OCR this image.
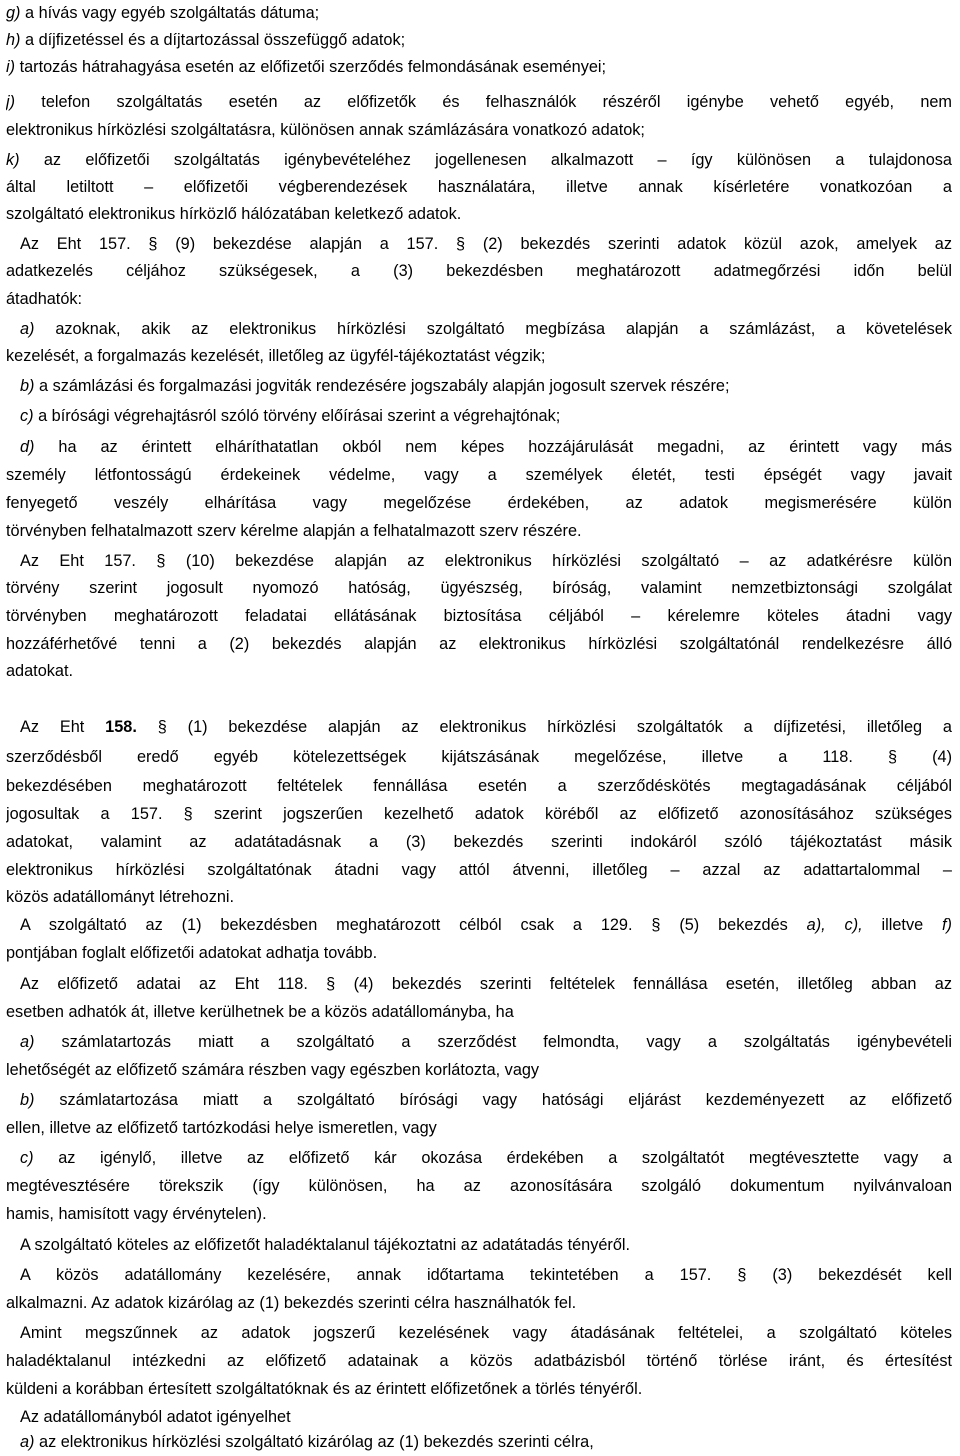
g) a hívás vagy egyéb szolgáltatás dátuma;
h) a díjfizetéssel és a díjtartozással összefüggő adatok;
i) tartozás hátrahagyása esetén az előfizetői szerződés felmondásának eseményei;
j) telefon szolgáltatás esetén az előfizetők és felhasználók részéről igénybe vehető egyéb, nem
elektronikus hírközlési szolgáltatásra, különösen annak számlázására vonatkozó adatok;
k) az előfizetői szolgáltatás igénybevételéhez jogellenesen alkalmazott – így különösen a tulajdonosa
által letiltott – előfizetői végberendezések használatára, illetve annak kísérletére vonatkozóan a
szolgáltató elektronikus hírközlő hálózatában keletkező adatok.
Az Eht 157. § (9) bekezdése alapján a 157. § (2) bekezdés szerinti adatok közül azok, amelyek az
adatkezelés céljához szükségesek, a (3) bekezdésben meghatározott adatmegőrzési időn belül
átadhatók:
a) azoknak, akik az elektronikus hírközlési szolgáltató megbízása alapján a számlázást, a követelések
kezelését, a forgalmazás kezelését, illetőleg az ügyfél-tájékoztatást végzik;
b) a számlázási és forgalmazási jogviták rendezésére jogszabály alapján jogosult szervek részére;
c) a bírósági végrehajtásról szóló törvény előírásai szerint a végrehajtónak;
d) ha az érintett elháríthatatlan okból nem képes hozzájárulását megadni, az érintett vagy más
személy létfontosságú érdekeinek védelme, vagy a személyek életét, testi épségét vagy javait
fenyegető veszély elhárítása vagy megelőzése érdekében, az adatok megismerésére külön
törvényben felhatalmazott szerv kérelme alapján a felhatalmazott szerv részére.
Az Eht 157. § (10) bekezdése alapján az elektronikus hírközlési szolgáltató – az adatkérésre külön
törvény szerint jogosult nyomozó hatóság, ügyészség, bíróság, valamint nemzetbiztonsági szolgálat
törvényben meghatározott feladatai ellátásának biztosítása céljából – kérelemre köteles átadni vagy
hozzáférhetővé tenni a (2) bekezdés alapján az elektronikus hírközlési szolgáltatónál rendelkezésre álló
adatokat.
Az Eht 158. § (1) bekezdése alapján az elektronikus hírközlési szolgáltatók a díjfizetési, illetőleg a
szerződésből eredő egyéb kötelezettségek kijátszásának megelőzése, illetve a 118. § (4)
bekezdésében meghatározott feltételek fennállása esetén a szerződéskötés megtagadásának céljából
jogosultak a 157. § szerint jogszerűen kezelhető adatok köréből az előfizető azonosításához szükséges
adatokat, valamint az adatátadásnak a (3) bekezdés szerinti indokáról szóló tájékoztatást másik
elektronikus hírközlési szolgáltatónak átadni vagy attól átvenni, illetőleg – azzal az adattartalommal –
közös adatállományt létrehozni.
A szolgáltató az (1) bekezdésben meghatározott célból csak a 129. § (5) bekezdés a), c), illetve f)
pontjában foglalt előfizetői adatokat adhatja tovább.
Az előfizető adatai az Eht 118. § (4) bekezdés szerinti feltételek fennállása esetén, illetőleg abban az
esetben adhatók át, illetve kerülhetnek be a közös adatállományba, ha
a) számlatartozás miatt a szolgáltató a szerződést felmondta, vagy a szolgáltatás igénybevételi
lehetőségét az előfizető számára részben vagy egészben korlátozta, vagy
b) számlatartozása miatt a szolgáltató bírósági vagy hatósági eljárást kezdeményezett az előfizető
ellen, illetve az előfizető tartózkodási helye ismeretlen, vagy
c) az igénylő, illetve az előfizető kár okozása érdekében a szolgáltatót megtévesztette vagy a
megtévesztésére törekszik (így különösen, ha az azonosítására szolgáló dokumentum nyilvánvaloan
hamis, hamisított vagy érvénytelen).
A szolgáltató köteles az előfizetőt haladéktalanul tájékoztatni az adatátadás tényéről.
A közös adatállomány kezelésére, annak időtartama tekintetében a 157. § (3) bekezdését kell
alkalmazni. Az adatok kizárólag az (1) bekezdés szerinti célra használhatók fel.
Amint megszűnnek az adatok jogszerű kezelésének vagy átadásának feltételei, a szolgáltató köteles
haladéktalanul intézkedni az előfizető adatainak a közös adatbázisból történő törlése iránt, és értesítést
küldeni a korábban értesített szolgáltatóknak és az érintett előfizetőnek a törlés tényéről.
Az adatállományból adatot igényelhet
a) az elektronikus hírközlési szolgáltató kizárólag az (1) bekezdés szerinti célra,
